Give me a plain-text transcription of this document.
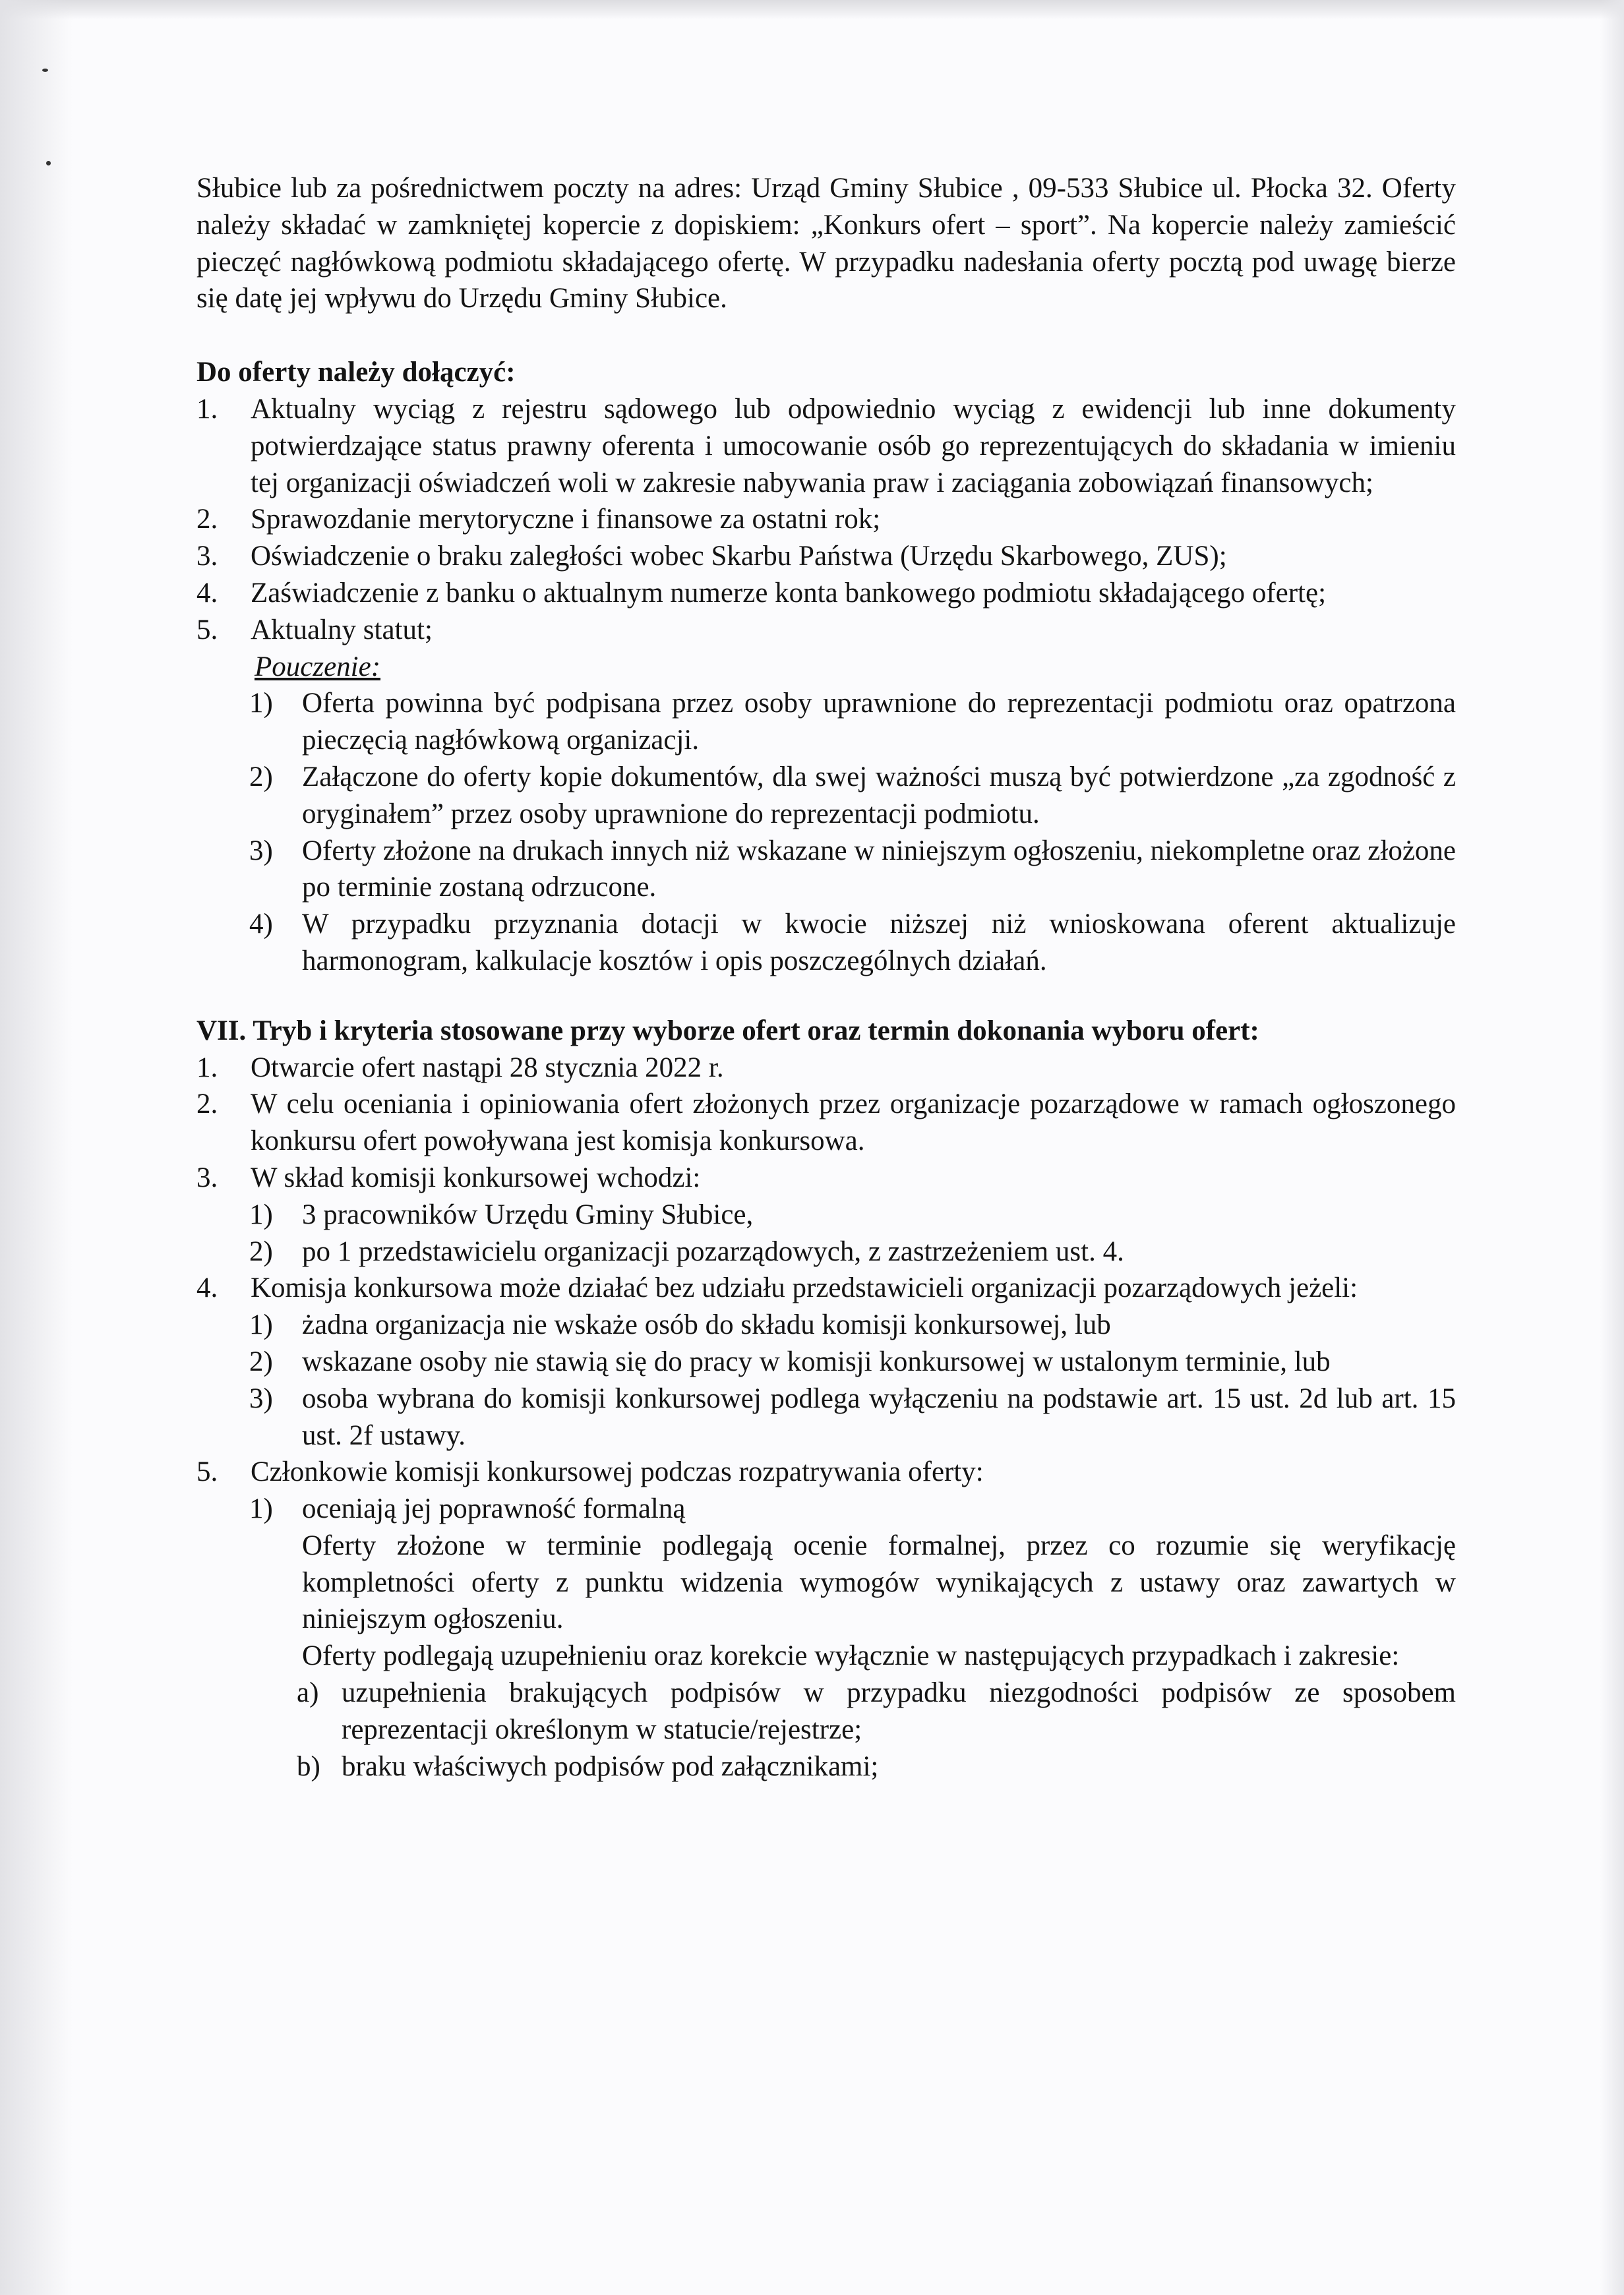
Słubice lub za pośrednictwem poczty na adres: Urząd Gminy Słubice , 09-533 Słubice ul. Płocka 32. Oferty należy składać w zamkniętej kopercie z dopiskiem: „Konkurs ofert – sport”. Na kopercie należy zamieścić pieczęć nagłówkową podmiotu składającego ofertę. W przypadku nadesłania oferty pocztą pod uwagę bierze się datę jej wpływu do Urzędu Gminy Słubice.
Do oferty należy dołączyć:
1. Aktualny wyciąg z rejestru sądowego lub odpowiednio wyciąg z ewidencji lub inne dokumenty potwierdzające status prawny oferenta i umocowanie osób go reprezentujących do składania w imieniu tej organizacji oświadczeń woli w zakresie nabywania praw i zaciągania zobowiązań finansowych;
2. Sprawozdanie merytoryczne i finansowe za ostatni rok;
3. Oświadczenie o braku zaległości wobec Skarbu Państwa (Urzędu Skarbowego, ZUS);
4. Zaświadczenie z banku o aktualnym numerze konta bankowego podmiotu składającego ofertę;
5. Aktualny statut;
Pouczenie:
1) Oferta powinna być podpisana przez osoby uprawnione do reprezentacji podmiotu oraz opatrzona pieczęcią nagłówkową organizacji.
2) Załączone do oferty kopie dokumentów, dla swej ważności muszą być potwierdzone „za zgodność z oryginałem” przez osoby uprawnione do reprezentacji podmiotu.
3) Oferty złożone na drukach innych niż wskazane w niniejszym ogłoszeniu, niekompletne oraz złożone po terminie zostaną odrzucone.
4) W przypadku przyznania dotacji w kwocie niższej niż wnioskowana oferent aktualizuje harmonogram, kalkulacje kosztów i opis poszczególnych działań.
VII. Tryb i kryteria stosowane przy wyborze ofert oraz termin dokonania wyboru ofert:
1. Otwarcie ofert nastąpi 28 stycznia 2022 r.
2. W celu oceniania i opiniowania ofert złożonych przez organizacje pozarządowe w ramach ogłoszonego konkursu ofert powoływana jest komisja konkursowa.
3. W skład komisji konkursowej wchodzi:
1) 3 pracowników Urzędu Gminy Słubice,
2) po 1 przedstawicielu organizacji pozarządowych, z zastrzeżeniem ust. 4.
4. Komisja konkursowa może działać bez udziału przedstawicieli organizacji pozarządowych jeżeli:
1) żadna organizacja nie wskaże osób do składu komisji konkursowej, lub
2) wskazane osoby nie stawią się do pracy w komisji konkursowej w ustalonym terminie, lub
3) osoba wybrana do komisji konkursowej podlega wyłączeniu na podstawie art. 15 ust. 2d lub art. 15 ust. 2f ustawy.
5. Członkowie komisji konkursowej podczas rozpatrywania oferty:
1) oceniają jej poprawność formalną
Oferty złożone w terminie podlegają ocenie formalnej, przez co rozumie się weryfikację kompletności oferty z punktu widzenia wymogów wynikających z ustawy oraz zawartych w niniejszym ogłoszeniu.
Oferty podlegają uzupełnieniu oraz korekcie wyłącznie w następujących przypadkach i zakresie:
a) uzupełnienia brakujących podpisów w przypadku niezgodności podpisów ze sposobem reprezentacji określonym w statucie/rejestrze;
b) braku właściwych podpisów pod załącznikami;
